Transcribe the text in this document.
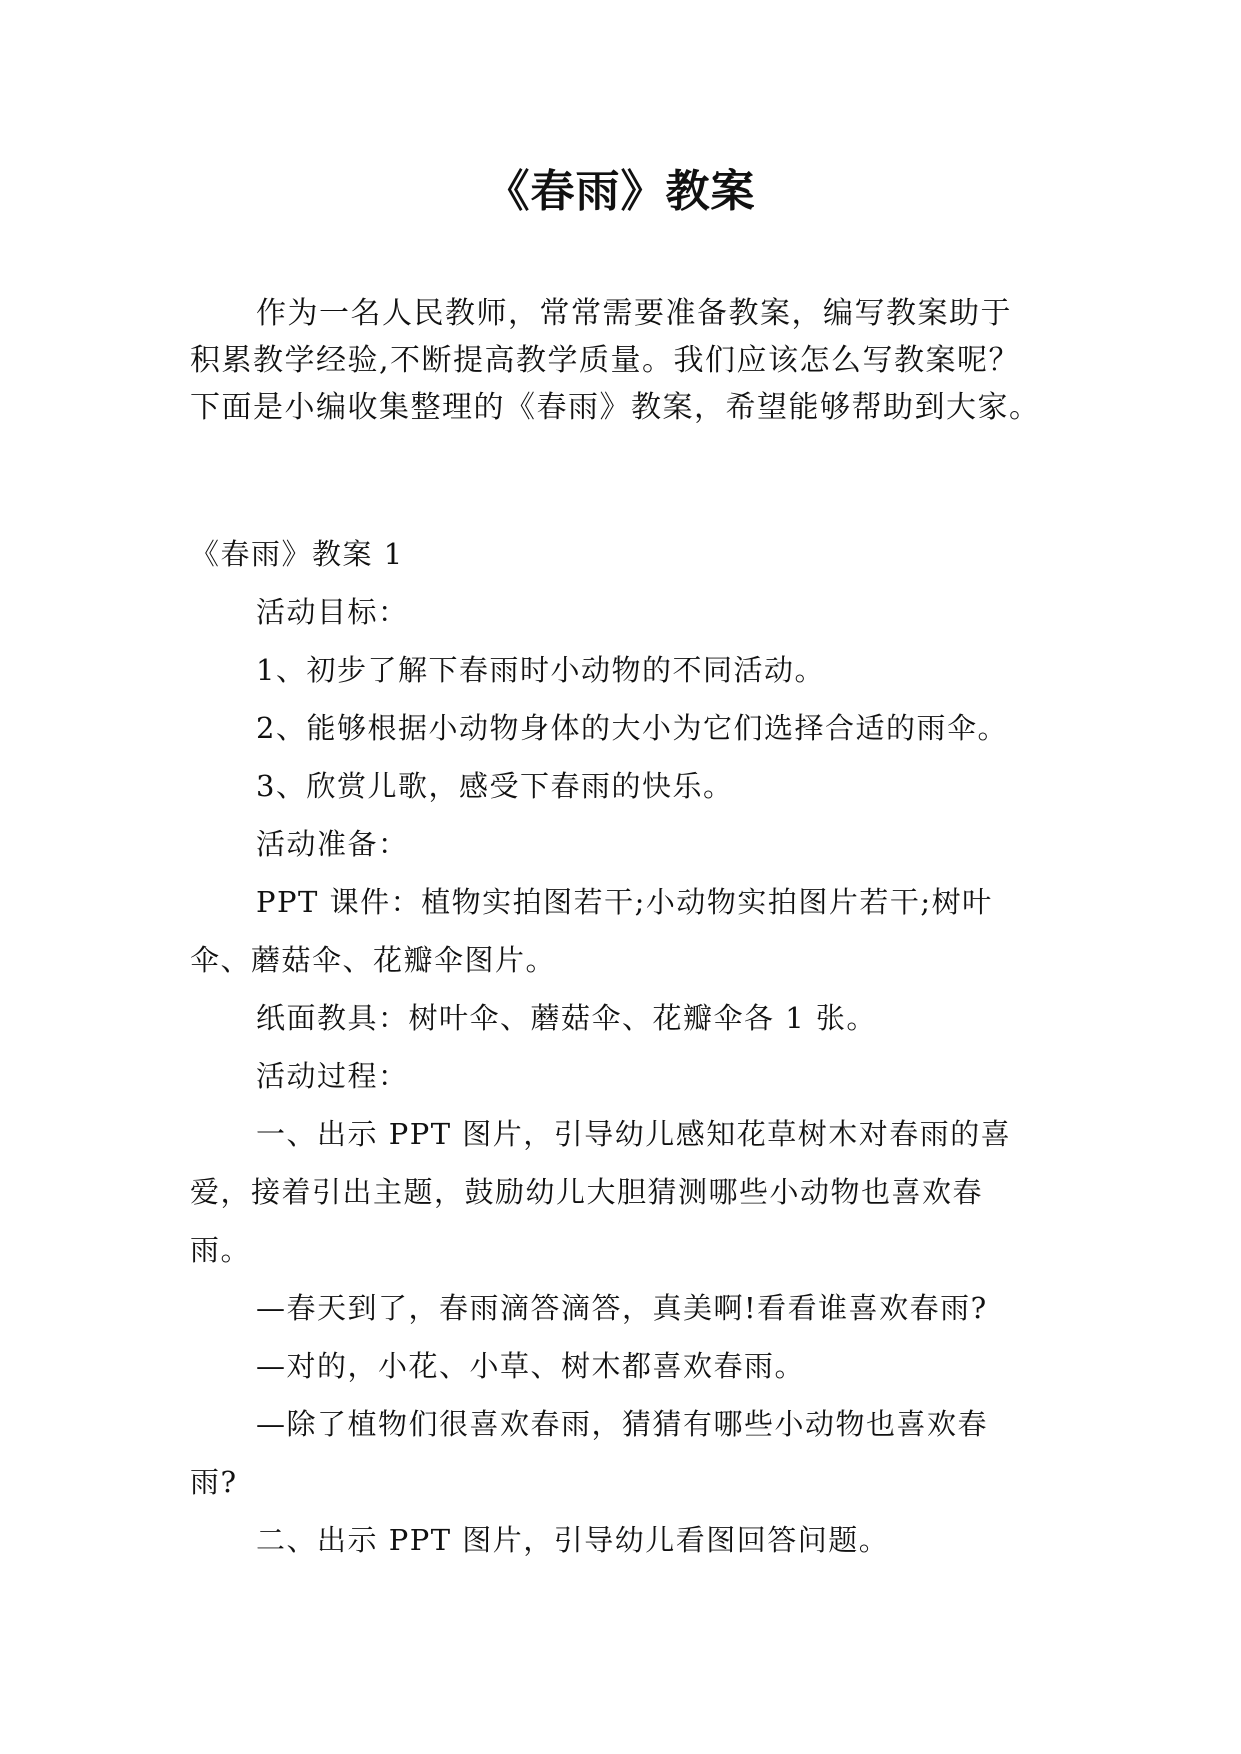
《春雨》教案

作为一名人民教师，常常需要准备教案，编写教案助于

积累教学经验,不断提高教学质量。我们应该怎么写教案呢？

下面是小编收集整理的《春雨》教案，希望能够帮助到大家。

《春雨》教案 1

活动目标：

1、初步了解下春雨时小动物的不同活动。

2、能够根据小动物身体的大小为它们选择合适的雨伞。

3、欣赏儿歌，感受下春雨的快乐。

活动准备：

PPT 课件：植物实拍图若干;小动物实拍图片若干;树叶

伞、蘑菇伞、花瓣伞图片。

纸面教具：树叶伞、蘑菇伞、花瓣伞各 1 张。

活动过程：

一、出示 PPT 图片，引导幼儿感知花草树木对春雨的喜

爱，接着引出主题，鼓励幼儿大胆猜测哪些小动物也喜欢春

雨。

—春天到了，春雨滴答滴答，真美啊!看看谁喜欢春雨?

—对的，小花、小草、树木都喜欢春雨。

—除了植物们很喜欢春雨，猜猜有哪些小动物也喜欢春

雨?

二、出示 PPT 图片，引导幼儿看图回答问题。
